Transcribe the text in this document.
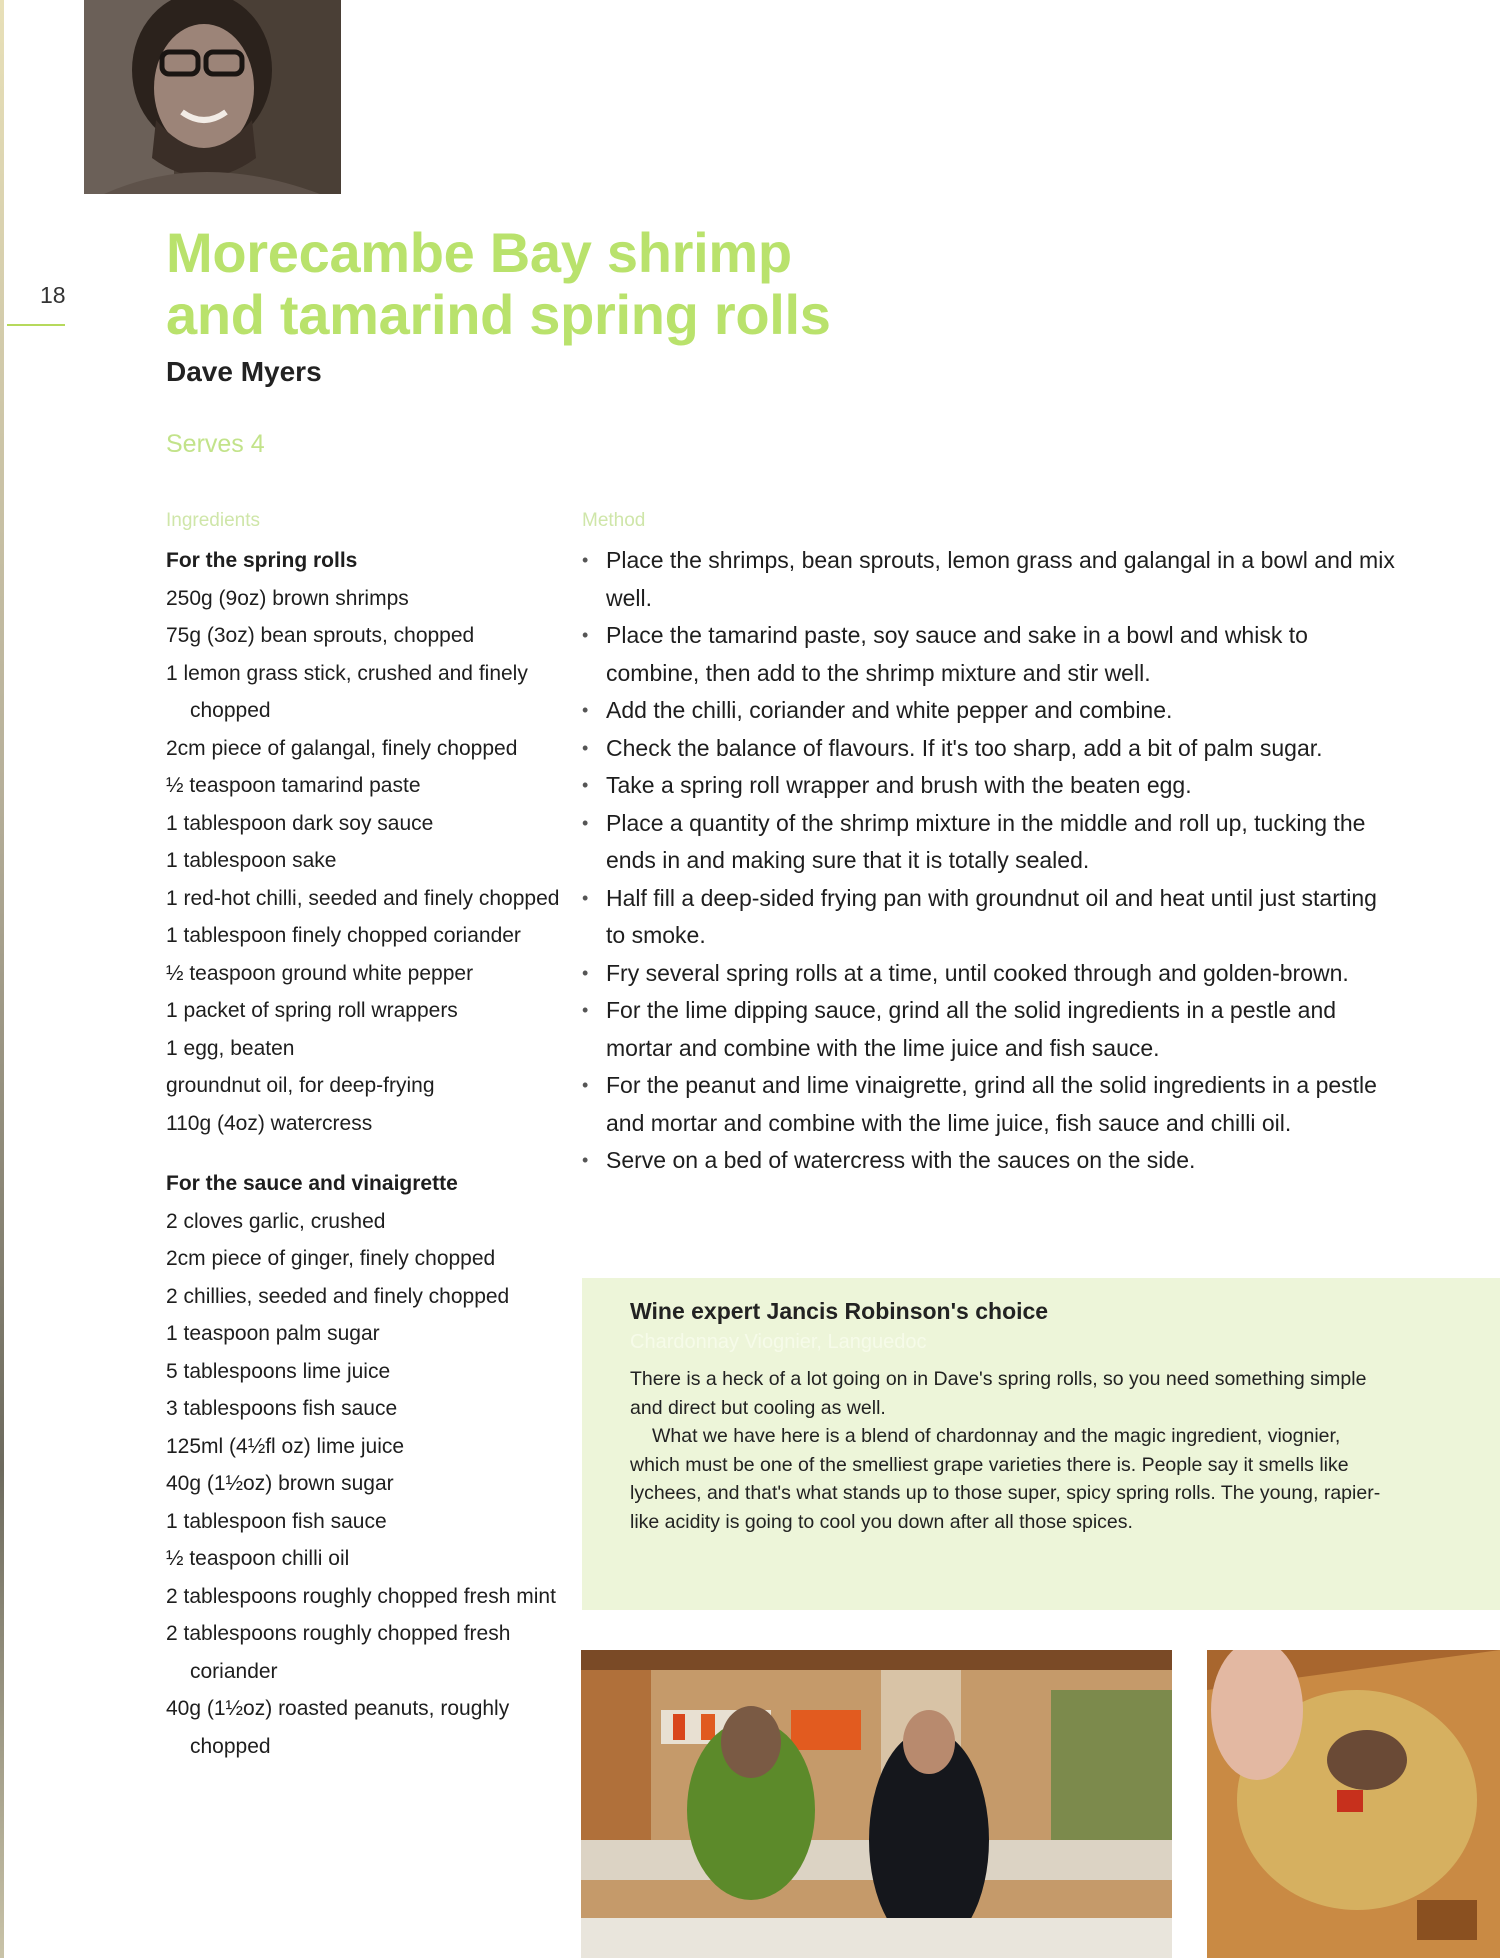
18
Morecambe Bay shrimp
and tamarind spring rolls
Dave Myers
Serves 4
Ingredients
For the spring rolls
250g (9oz) brown shrimps
75g (3oz) bean sprouts, chopped
1 lemon grass stick, crushed and finely chopped
2cm piece of galangal, finely chopped
½ teaspoon tamarind paste
1 tablespoon dark soy sauce
1 tablespoon sake
1 red-hot chilli, seeded and finely chopped
1 tablespoon finely chopped coriander
½ teaspoon ground white pepper
1 packet of spring roll wrappers
1 egg, beaten
groundnut oil, for deep-frying
110g (4oz) watercress
For the sauce and vinaigrette
2 cloves garlic, crushed
2cm piece of ginger, finely chopped
2 chillies, seeded and finely chopped
1 teaspoon palm sugar
5 tablespoons lime juice
3 tablespoons fish sauce
125ml (4½fl oz) lime juice
40g (1½oz) brown sugar
1 tablespoon fish sauce
½ teaspoon chilli oil
2 tablespoons roughly chopped fresh mint
2 tablespoons roughly chopped fresh coriander
40g (1½oz) roasted peanuts, roughly chopped
Method
• Place the shrimps, bean sprouts, lemon grass and galangal in a bowl and mix well.
• Place the tamarind paste, soy sauce and sake in a bowl and whisk to combine, then add to the shrimp mixture and stir well.
• Add the chilli, coriander and white pepper and combine.
• Check the balance of flavours. If it's too sharp, add a bit of palm sugar.
• Take a spring roll wrapper and brush with the beaten egg.
• Place a quantity of the shrimp mixture in the middle and roll up, tucking the ends in and making sure that it is totally sealed.
• Half fill a deep-sided frying pan with groundnut oil and heat until just starting to smoke.
• Fry several spring rolls at a time, until cooked through and golden-brown.
• For the lime dipping sauce, grind all the solid ingredients in a pestle and mortar and combine with the lime juice and fish sauce.
• For the peanut and lime vinaigrette, grind all the solid ingredients in a pestle and mortar and combine with the lime juice, fish sauce and chilli oil.
• Serve on a bed of watercress with the sauces on the side.
Wine expert Jancis Robinson's choice
Chardonnay Viognier, Languedoc

There is a heck of a lot going on in Dave's spring rolls, so you need something simple and direct but cooling as well.

What we have here is a blend of chardonnay and the magic ingredient, viognier, which must be one of the smelliest grape varieties there is. People say it smells like lychees, and that's what stands up to those super, spicy spring rolls. The young, rapier-like acidity is going to cool you down after all those spices.
